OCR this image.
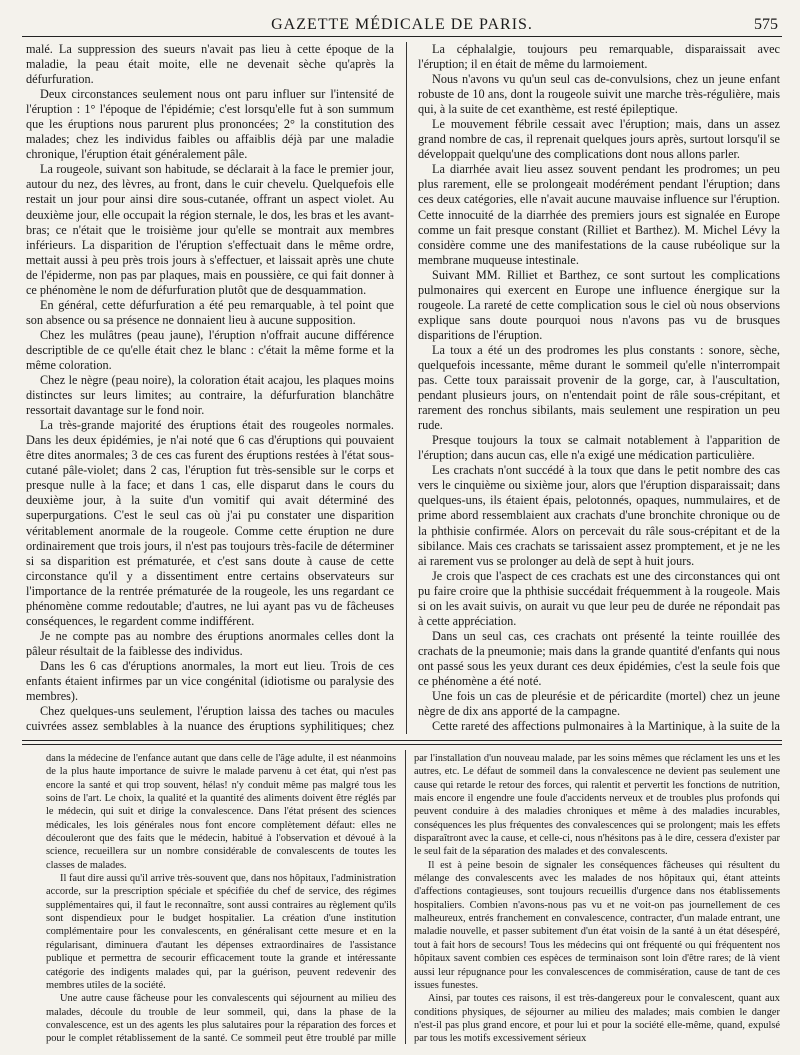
GAZETTE MÉDICALE DE PARIS.	575

malé. La suppression des sueurs n'avait pas lieu à cette époque de la maladie, la peau était moite, elle ne devenait sèche qu'après la défurfuration.

Deux circonstances seulement nous ont paru influer sur l'intensité de l'éruption : 1° l'époque de l'épidémie; c'est lorsqu'elle fut à son summum que les éruptions nous parurent plus prononcées; 2° la constitution des malades; chez les individus faibles ou affaiblis déjà par une maladie chronique, l'éruption était généralement pâle.

La rougeole, suivant son habitude, se déclarait à la face le premier jour, autour du nez, des lèvres, au front, dans le cuir chevelu. Quelquefois elle restait un jour pour ainsi dire sous-cutanée, offrant un aspect violet. Au deuxième jour, elle occupait la région sternale, le dos, les bras et les avant-bras; ce n'était que le troisième jour qu'elle se montrait aux membres inférieurs. La disparition de l'éruption s'effectuait dans le même ordre, mettait aussi à peu près trois jours à s'effectuer, et laissait après une chute de l'épiderme, non pas par plaques, mais en poussière, ce qui fait donner à ce phénomène le nom de défurfuration plutôt que de desquammation.

En général, cette défurfuration a été peu remarquable, à tel point que son absence ou sa présence ne donnaient lieu à aucune supposition.

Chez les mulâtres (peau jaune), l'éruption n'offrait aucune différence descriptible de ce qu'elle était chez le blanc : c'était la même forme et la même coloration.

Chez le nègre (peau noire), la coloration était acajou, les plaques moins distinctes sur leurs limites; au contraire, la défurfuration blanchâtre ressortait davantage sur le fond noir.

La très-grande majorité des éruptions était des rougeoles normales. Dans les deux épidémies, je n'ai noté que 6 cas d'éruptions qui pouvaient être dites anormales; 3 de ces cas furent des éruptions restées à l'état sous-cutané pâle-violet; dans 2 cas, l'éruption fut très-sensible sur le corps et presque nulle à la face; et dans 1 cas, elle disparut dans le cours du deuxième jour, à la suite d'un vomitif qui avait déterminé des superpurgations. C'est le seul cas où j'ai pu constater une disparition véritablement anormale de la rougeole. Comme cette éruption ne dure ordinairement que trois jours, il n'est pas toujours très-facile de déterminer si sa disparition est prématurée, et c'est sans doute à cause de cette circonstance qu'il y a dissentiment entre certains observateurs sur l'importance de la rentrée prématurée de la rougeole, les uns regardant ce phénomène comme redoutable; d'autres, ne lui ayant pas vu de fâcheuses conséquences, le regardent comme indifférent.

Je ne compte pas au nombre des éruptions anormales celles dont la pâleur résultait de la faiblesse des individus.

Dans les 6 cas d'éruptions anormales, la mort eut lieu. Trois de ces enfants étaient infirmes par un vice congénital (idiotisme ou paralysie des membres).

Chez quelques-uns seulement, l'éruption laissa des taches ou macules cuivrées assez semblables à la nuance des éruptions syphilitiques; chez

La céphalalgie, toujours peu remarquable, disparaissait avec l'éruption; il en était de même du larmoiement.

Nous n'avons vu qu'un seul cas de-convulsions, chez un jeune enfant robuste de 10 ans, dont la rougeole suivit une marche très-régulière, mais qui, à la suite de cet exanthème, est resté épileptique.

Le mouvement fébrile cessait avec l'éruption; mais, dans un assez grand nombre de cas, il reprenait quelques jours après, surtout lorsqu'il se développait quelqu'une des complications dont nous allons parler.

La diarrhée avait lieu assez souvent pendant les prodromes; un peu plus rarement, elle se prolongeait modérément pendant l'éruption; dans ces deux catégories, elle n'avait aucune mauvaise influence sur l'éruption. Cette innocuité de la diarrhée des premiers jours est signalée en Europe comme un fait presque constant (Rilliet et Barthez). M. Michel Lévy la considère comme une des manifestations de la cause rubéolique sur la membrane muqueuse intestinale.

Suivant MM. Rilliet et Barthez, ce sont surtout les complications pulmonaires qui exercent en Europe une influence énergique sur la rougeole. La rareté de cette complication sous le ciel où nous observions explique sans doute pourquoi nous n'avons pas vu de brusques disparitions de l'éruption.

La toux a été un des prodromes les plus constants : sonore, sèche, quelquefois incessante, même durant le sommeil qu'elle n'interrompait pas. Cette toux paraissait provenir de la gorge, car, à l'auscultation, pendant plusieurs jours, on n'entendait point de râle sous-crépitant, et rarement des ronchus sibilants, mais seulement une respiration un peu rude.

Presque toujours la toux se calmait notablement à l'apparition de l'éruption; dans aucun cas, elle n'a exigé une médication particulière.

Les crachats n'ont succédé à la toux que dans le petit nombre des cas vers le cinquième ou sixième jour, alors que l'éruption disparaissait; dans quelques-uns, ils étaient épais, pelotonnés, opaques, nummulaires, et de prime abord ressemblaient aux crachats d'une bronchite chronique ou de la phthisie confirmée. Alors on percevait du râle sous-crépitant et de la sibilance. Mais ces crachats se tarissaient assez promptement, et je ne les ai rarement vus se prolonger au delà de sept à huit jours.

Je crois que l'aspect de ces crachats est une des circonstances qui ont pu faire croire que la phthisie succédait fréquemment à la rougeole. Mais si on les avait suivis, on aurait vu que leur peu de durée ne répondait pas à cette appréciation.

Dans un seul cas, ces crachats ont présenté la teinte rouillée des crachats de la pneumonie; mais dans la grande quantité d'enfants qui nous ont passé sous les yeux durant ces deux épidémies, c'est la seule fois que ce phénomène a été noté.

Une fois un cas de pleurésie et de péricardite (mortel) chez un jeune nègre de dix ans apporté de la campagne.

Cette rareté des affections pulmonaires à la Martinique, à la suite de la

dans la médecine de l'enfance autant que dans celle de l'âge adulte, il est néanmoins de la plus haute importance de suivre le malade parvenu à cet état, qui n'est pas encore la santé et qui trop souvent, hélas! n'y conduit même pas malgré tous les soins de l'art. Le choix, la qualité et la quantité des aliments doivent être réglés par le médecin, qui suit et dirige la convalescence. Dans l'état présent des sciences médicales, les lois générales nous font encore complètement défaut: elles ne découleront que des faits que le médecin, habitué à l'observation et dévoué à la science, recueillera sur un nombre considérable de convalescents de toutes les classes de malades.

Il faut dire aussi qu'il arrive très-souvent que, dans nos hôpitaux, l'administration accorde, sur la prescription spéciale et spécifiée du chef de service, des régimes supplémentaires qui, il faut le reconnaître, sont aussi contraires au règlement qu'ils sont dispendieux pour le budget hospitalier. La création d'une institution complémentaire pour les convalescents, en généralisant cette mesure et en la régularisant, diminuera d'autant les dépenses extraordinaires de l'assistance publique et permettra de secourir efficacement toute la grande et intéressante catégorie des indigents malades qui, par la guérison, peuvent redevenir des membres utiles de la société.

Une autre cause fâcheuse pour les convalescents qui séjournent au milieu des malades, découle du trouble de leur sommeil, qui, dans la phase de la convalescence, est un des agents les plus salutaires pour la réparation des forces et pour le complet rétablissement de la santé. Ce sommeil peut être troublé par mille

par l'installation d'un nouveau malade, par les soins mêmes que réclament les uns et les autres, etc. Le défaut de sommeil dans la convalescence ne devient pas seulement une cause qui retarde le retour des forces, qui ralentit et pervertit les fonctions de nutrition, mais encore il engendre une foule d'accidents nerveux et de troubles plus profonds qui peuvent conduire à des maladies chroniques et même à des maladies incurables, conséquences les plus fréquentes des convalescences qui se prolongent; mais les effets disparaîtront avec la cause, et celle-ci, nous n'hésitons pas à le dire, cessera d'exister par le seul fait de la séparation des malades et des convalescents.

Il est à peine besoin de signaler les conséquences fâcheuses qui résultent du mélange des convalescents avec les malades de nos hôpitaux qui, étant atteints d'affections contagieuses, sont toujours recueillis d'urgence dans nos établissements hospitaliers. Combien n'avons-nous pas vu et ne voit-on pas journellement de ces malheureux, entrés franchement en convalescence, contracter, d'un malade entrant, une maladie nouvelle, et passer subitement d'un état voisin de la santé à un état désespéré, tout à fait hors de secours! Tous les médecins qui ont fréquenté ou qui fréquentent nos hôpitaux savent combien ces espèces de terminaison sont loin d'être rares; de là vient aussi leur répugnance pour les convalescences de commisération, cause de tant de ces issues funestes.

Ainsi, par toutes ces raisons, il est très-dangereux pour le convalescent, quant aux conditions physiques, de séjourner au milieu des malades; mais combien le danger n'est-il pas plus grand encore, et pour lui et pour la société elle-même, quand, expulsé par tous les motifs excessivement sérieux
